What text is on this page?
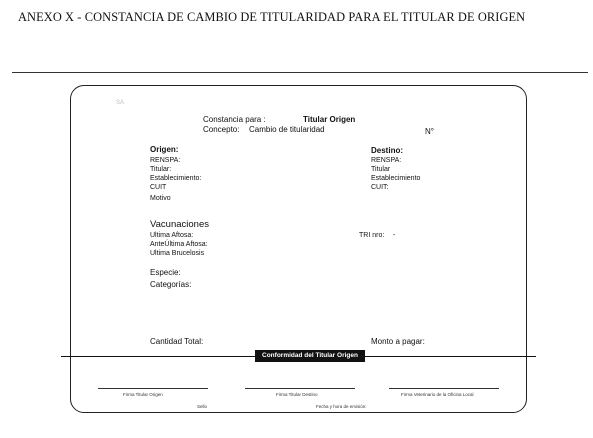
ANEXO X - CONSTANCIA DE CAMBIO DE TITULARIDAD PARA EL TITULAR DE ORIGEN
SA
Constancia para :	Titular Origen
Concepto: Cambio de titularidad	N°
Origen:
RENSPA:
Titular:
Establecimiento:
CUIT
Motivo
Destino:
RENSPA:
Titular
Establecimiento
CUIT:
Vacunaciones
Ultima Aftosa:
AnteÚltima Aftosa:
Ultima Brucelosis
TRI nro: -
Especie:
Categorías:
Cantidad Total:	Monto a pagar:
Conformidad del Titular Origen
Firma Titular Origen	Firma Titular Destino	Firma Veterinario de la Oficina Local
Sello	Fecha y hora de emisión:
